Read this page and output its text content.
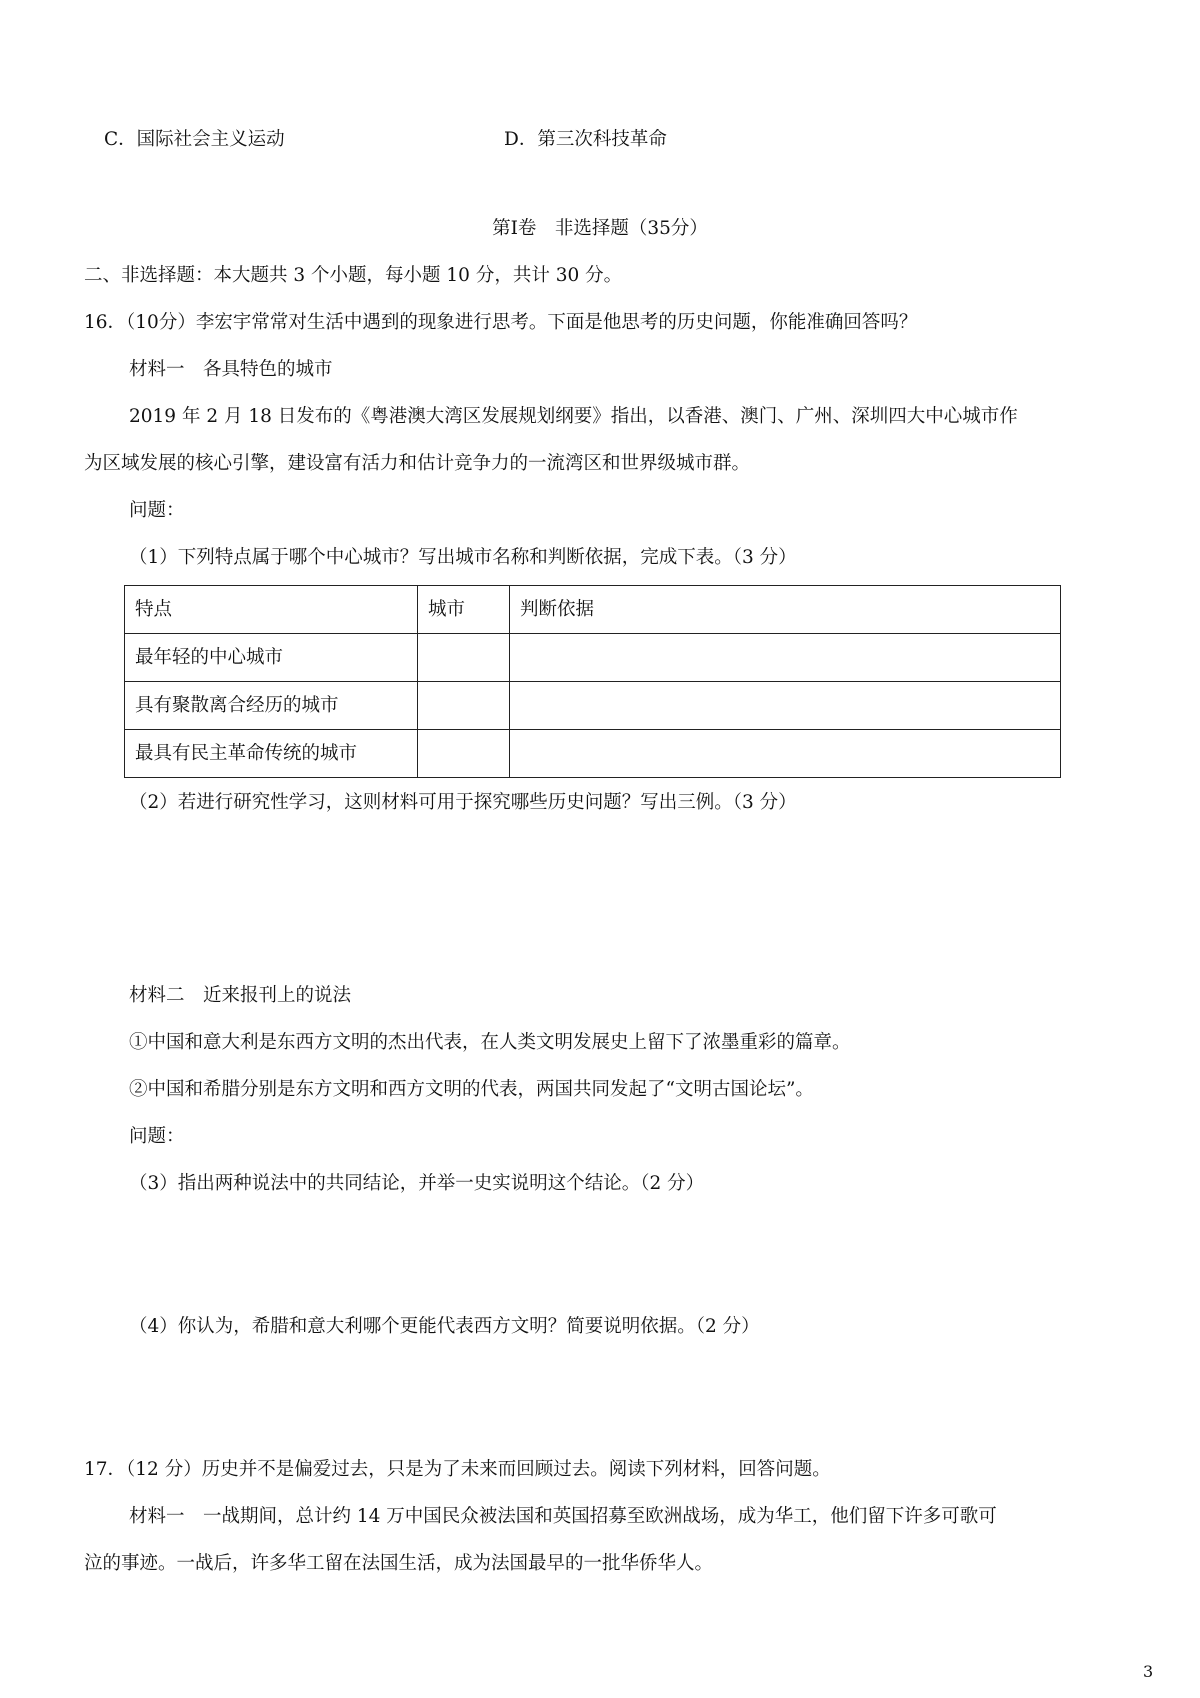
C．国际社会主义运动	D．第三次科技革命
第Ⅰ卷　非选择题（35分）
二、非选择题：本大题共 3 个小题，每小题 10 分，共计 30 分。
16．（10分）李宏宇常常对生活中遇到的现象进行思考。下面是他思考的历史问题，你能准确回答吗？
材料一　各具特色的城市
2019 年 2 月 18 日发布的《粤港澳大湾区发展规划纲要》指出，以香港、澳门、广州、深圳四大中心城市作
为区域发展的核心引擎，建设富有活力和估计竞争力的一流湾区和世界级城市群。
问题：
（1）下列特点属于哪个中心城市？写出城市名称和判断依据，完成下表。（3 分）
特点	城市	判断依据
最年轻的中心城市		
具有聚散离合经历的城市		
最具有民主革命传统的城市		
（2）若进行研究性学习，这则材料可用于探究哪些历史问题？写出三例。（3 分）
材料二　近来报刊上的说法
①中国和意大利是东西方文明的杰出代表，在人类文明发展史上留下了浓墨重彩的篇章。
②中国和希腊分别是东方文明和西方文明的代表，两国共同发起了“文明古国论坛”。
问题：
（3）指出两种说法中的共同结论，并举一史实说明这个结论。（2 分）
（4）你认为，希腊和意大利哪个更能代表西方文明？简要说明依据。（2 分）
17．（12 分）历史并不是偏爱过去，只是为了未来而回顾过去。阅读下列材料，回答问题。
材料一　一战期间，总计约 14 万中国民众被法国和英国招募至欧洲战场，成为华工，他们留下许多可歌可
泣的事迹。一战后，许多华工留在法国生活，成为法国最早的一批华侨华人。
3
